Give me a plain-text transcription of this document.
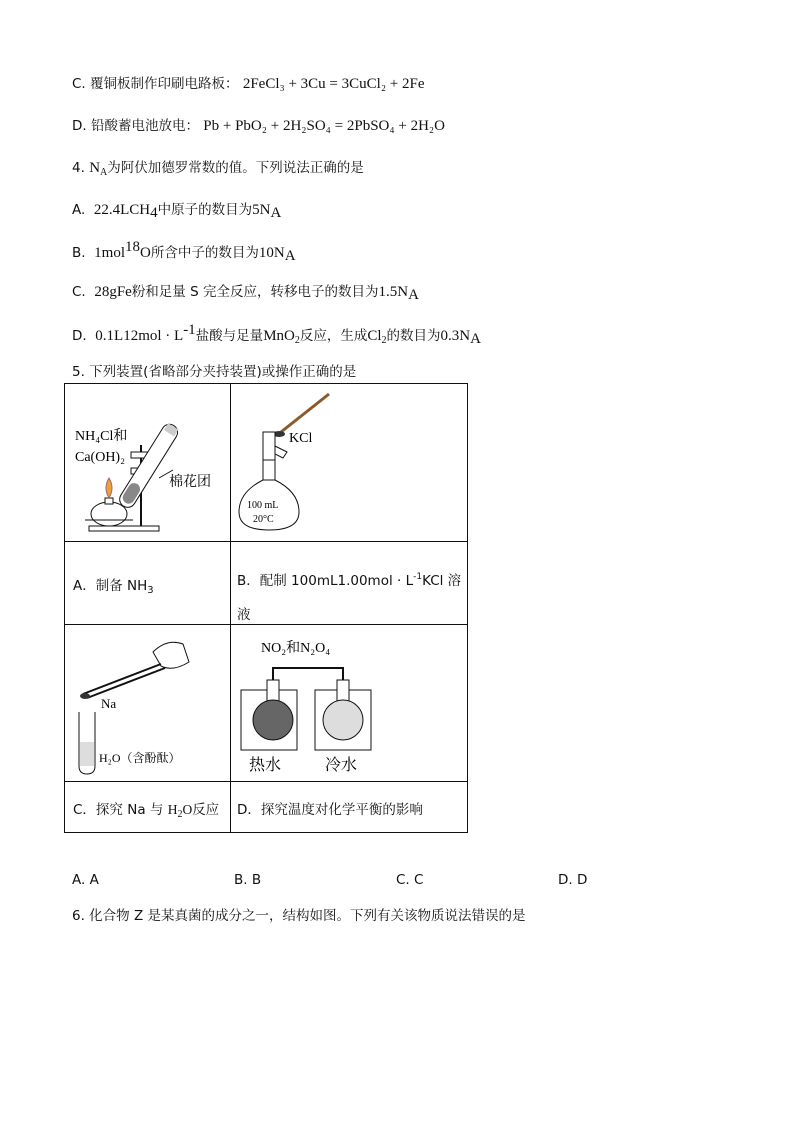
C. 覆铜板制作印刷电路板： 2FeCl₃ + 3Cu = 3CuCl₂ + 2Fe
D. 铅酸蓄电池放电： Pb + PbO₂ + 2H₂SO₄ = 2PbSO₄ + 2H₂O
4. $N_A$为阿伏加德罗常数的值。下列说法正确的是
A. $22.4LCH_4$中原子的数目为$5N_A$
B. 1mol$^{18}$O所含中子的数目为$10N_A$
C. 28gFe粉和足量 S 完全反应，转移电子的数目为$1.5N_A$
D. $0.1L12mol \cdot L^{-1}$盐酸与足量MnO$_2$反应，生成$Cl_2$的数目为$0.3N_A$
5. 下列装置(省略部分夹持装置)或操作正确的是
NH₄Cl和
Ca(OH)₂
棉花团
KCl
100 mL
20°C
A．制备 $NH_3$
B．配制 $100mL1.00mol \cdot L^{-1}KCl$ 溶
液
Na
H₂O（含酚酞）
NO₂和N₂O₄
热水	冷水
C．探究 Na 与 $H_2O$反应 D．探究温度对化学平衡的影响
A. A	B. B	C. C	D. D
6. 化合物 Z 是某真菌的成分之一，结构如图。下列有关该物质说法错误的是
